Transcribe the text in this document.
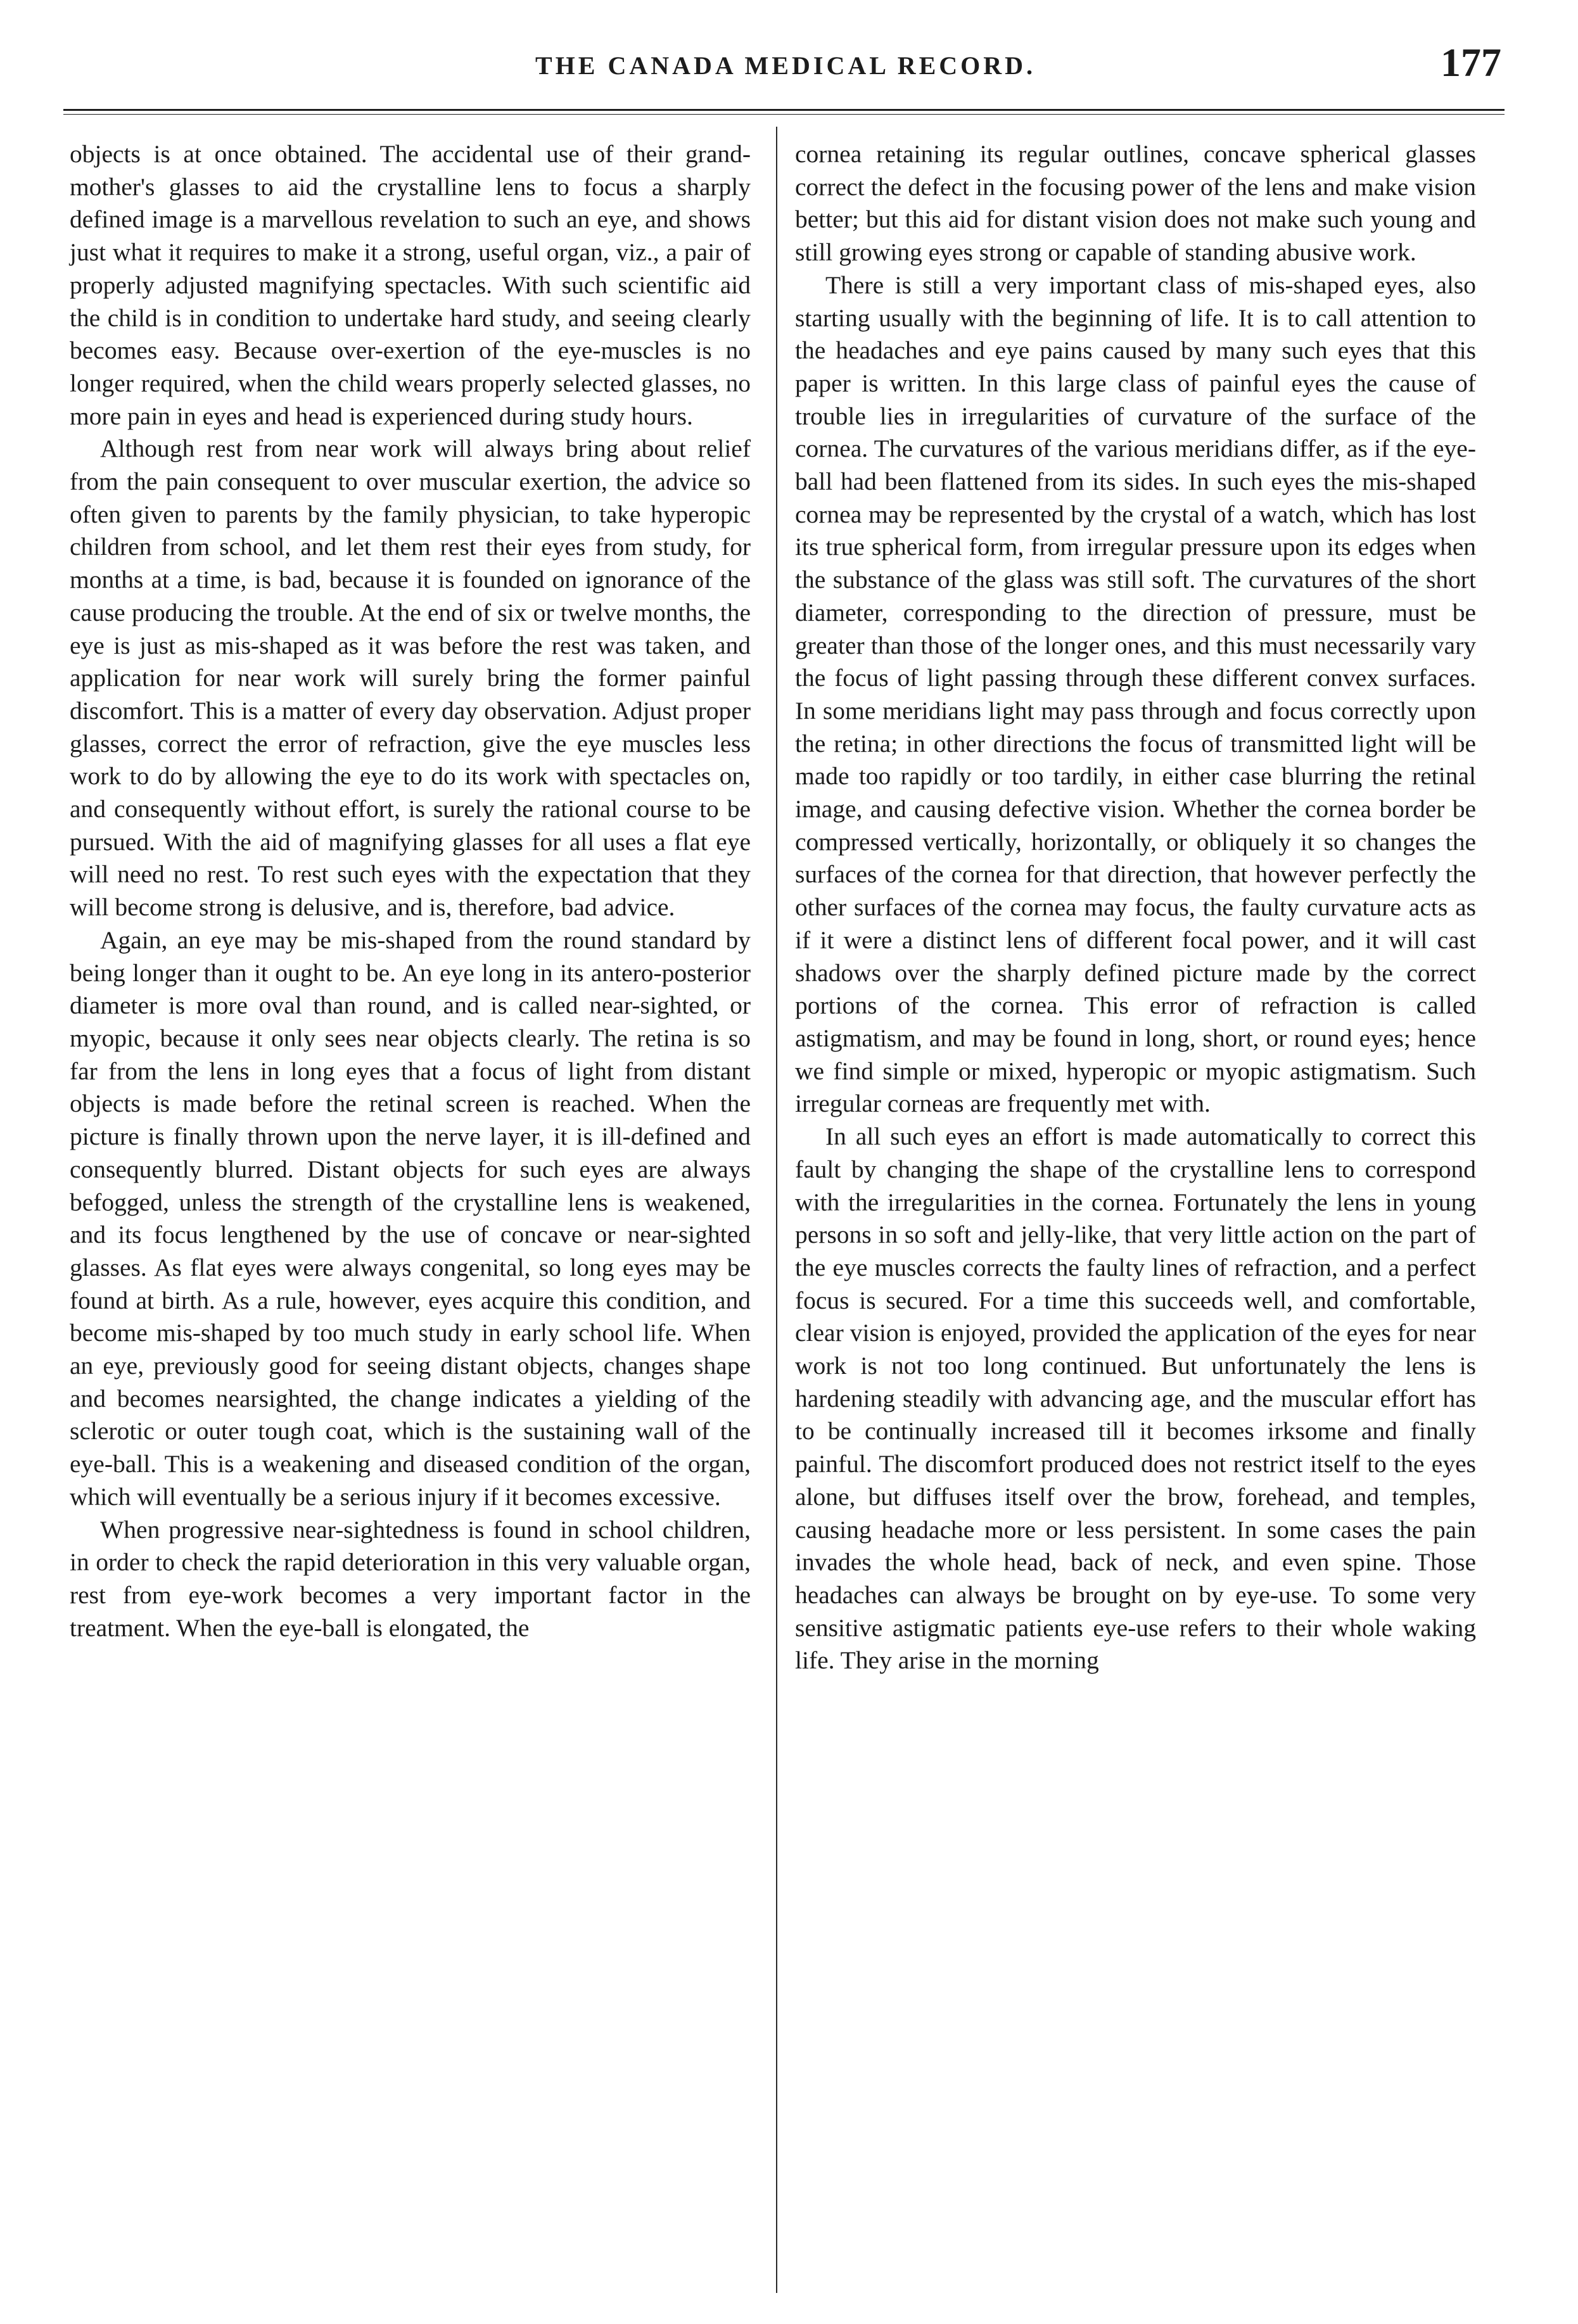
THE CANADA MEDICAL RECORD.	177

objects is at once obtained. The accidental use of their grand-mother's glasses to aid the crystalline lens to focus a sharply defined image is a marvellous revelation to such an eye, and shows just what it requires to make it a strong, useful organ, viz., a pair of properly adjusted magnifying spectacles. With such scientific aid the child is in condition to undertake hard study, and seeing clearly becomes easy. Because over-exertion of the eye-muscles is no longer required, when the child wears properly selected glasses, no more pain in eyes and head is experienced during study hours.

Although rest from near work will always bring about relief from the pain consequent to over muscular exertion, the advice so often given to parents by the family physician, to take hyperopic children from school, and let them rest their eyes from study, for months at a time, is bad, because it is founded on ignorance of the cause producing the trouble. At the end of six or twelve months, the eye is just as mis-shaped as it was before the rest was taken, and application for near work will surely bring the former painful discomfort. This is a matter of every day observation. Adjust proper glasses, correct the error of refraction, give the eye muscles less work to do by allowing the eye to do its work with spectacles on, and consequently without effort, is surely the rational course to be pursued. With the aid of magnifying glasses for all uses a flat eye will need no rest. To rest such eyes with the expectation that they will become strong is delusive, and is, therefore, bad advice.

Again, an eye may be mis-shaped from the round standard by being longer than it ought to be. An eye long in its antero-posterior diameter is more oval than round, and is called near-sighted, or myopic, because it only sees near objects clearly. The retina is so far from the lens in long eyes that a focus of light from distant objects is made before the retinal screen is reached. When the picture is finally thrown upon the nerve layer, it is ill-defined and consequently blurred. Distant objects for such eyes are always befogged, unless the strength of the crystalline lens is weakened, and its focus lengthened by the use of concave or near-sighted glasses. As flat eyes were always congenital, so long eyes may be found at birth. As a rule, however, eyes acquire this condition, and become mis-shaped by too much study in early school life. When an eye, previously good for seeing distant objects, changes shape and becomes nearsighted, the change indicates a yielding of the sclerotic or outer tough coat, which is the sustaining wall of the eye-ball. This is a weakening and diseased condition of the organ, which will eventually be a serious injury if it becomes excessive.

When progressive near-sightedness is found in school children, in order to check the rapid deterioration in this very valuable organ, rest from eye-work becomes a very important factor in the treatment. When the eye-ball is elongated, the

cornea retaining its regular outlines, concave spherical glasses correct the defect in the focusing power of the lens and make vision better; but this aid for distant vision does not make such young and still growing eyes strong or capable of standing abusive work.

There is still a very important class of mis-shaped eyes, also starting usually with the beginning of life. It is to call attention to the headaches and eye pains caused by many such eyes that this paper is written. In this large class of painful eyes the cause of trouble lies in irregularities of curvature of the surface of the cornea. The curvatures of the various meridians differ, as if the eye-ball had been flattened from its sides. In such eyes the mis-shaped cornea may be represented by the crystal of a watch, which has lost its true spherical form, from irregular pressure upon its edges when the substance of the glass was still soft. The curvatures of the short diameter, corresponding to the direction of pressure, must be greater than those of the longer ones, and this must necessarily vary the focus of light passing through these different convex surfaces. In some meridians light may pass through and focus correctly upon the retina; in other directions the focus of transmitted light will be made too rapidly or too tardily, in either case blurring the retinal image, and causing defective vision. Whether the cornea border be compressed vertically, horizontally, or obliquely it so changes the surfaces of the cornea for that direction, that however perfectly the other surfaces of the cornea may focus, the faulty curvature acts as if it were a distinct lens of different focal power, and it will cast shadows over the sharply defined picture made by the correct portions of the cornea. This error of refraction is called astigmatism, and may be found in long, short, or round eyes; hence we find simple or mixed, hyperopic or myopic astigmatism. Such irregular corneas are frequently met with.

In all such eyes an effort is made automatically to correct this fault by changing the shape of the crystalline lens to correspond with the irregularities in the cornea. Fortunately the lens in young persons in so soft and jelly-like, that very little action on the part of the eye muscles corrects the faulty lines of refraction, and a perfect focus is secured. For a time this succeeds well, and comfortable, clear vision is enjoyed, provided the application of the eyes for near work is not too long continued. But unfortunately the lens is hardening steadily with advancing age, and the muscular effort has to be continually increased till it becomes irksome and finally painful. The discomfort produced does not restrict itself to the eyes alone, but diffuses itself over the brow, forehead, and temples, causing headache more or less persistent. In some cases the pain invades the whole head, back of neck, and even spine. Those headaches can always be brought on by eye-use. To some very sensitive astigmatic patients eye-use refers to their whole waking life. They arise in the morning
